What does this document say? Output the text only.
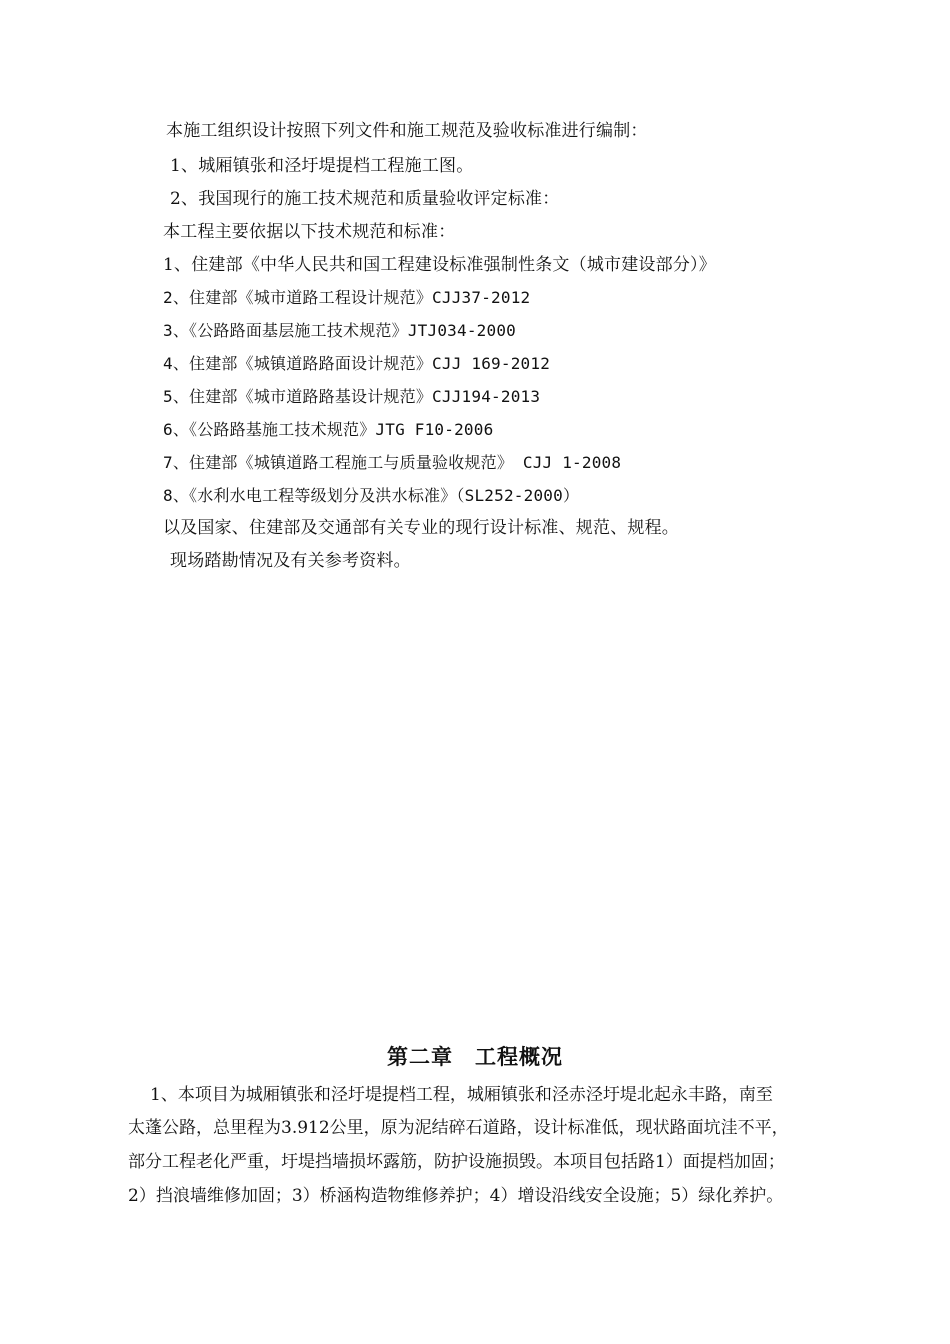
本施工组织设计按照下列文件和施工规范及验收标准进行编制：
1、城厢镇张和泾圩堤提档工程施工图。
2、我国现行的施工技术规范和质量验收评定标准：
本工程主要依据以下技术规范和标准：
1、住建部《中华人民共和国工程建设标准强制性条文（城市建设部分）》
2、住建部《城市道路工程设计规范》CJJ37-2012
3、《公路路面基层施工技术规范》JTJ034-2000
4、住建部《城镇道路路面设计规范》CJJ 169-2012
5、住建部《城市道路路基设计规范》CJJ194-2013
6、《公路路基施工技术规范》JTG F10-2006
7、住建部《城镇道路工程施工与质量验收规范》 CJJ 1-2008
8、《水利水电工程等级划分及洪水标准》（SL252-2000）
以及国家、住建部及交通部有关专业的现行设计标准、规范、规程。
现场踏勘情况及有关参考资料。
第二章　工程概况
1、本项目为城厢镇张和泾圩堤提档工程，城厢镇张和泾赤泾圩堤北起永丰路，南至
太蓬公路，总里程为3.912公里，原为泥结碎石道路，设计标准低，现状路面坑洼不平，
部分工程老化严重，圩堤挡墙损坏露筋，防护设施损毁。本项目包括路1）面提档加固；
2）挡浪墙维修加固；3）桥涵构造物维修养护；4）增设沿线安全设施；5）绿化养护。
